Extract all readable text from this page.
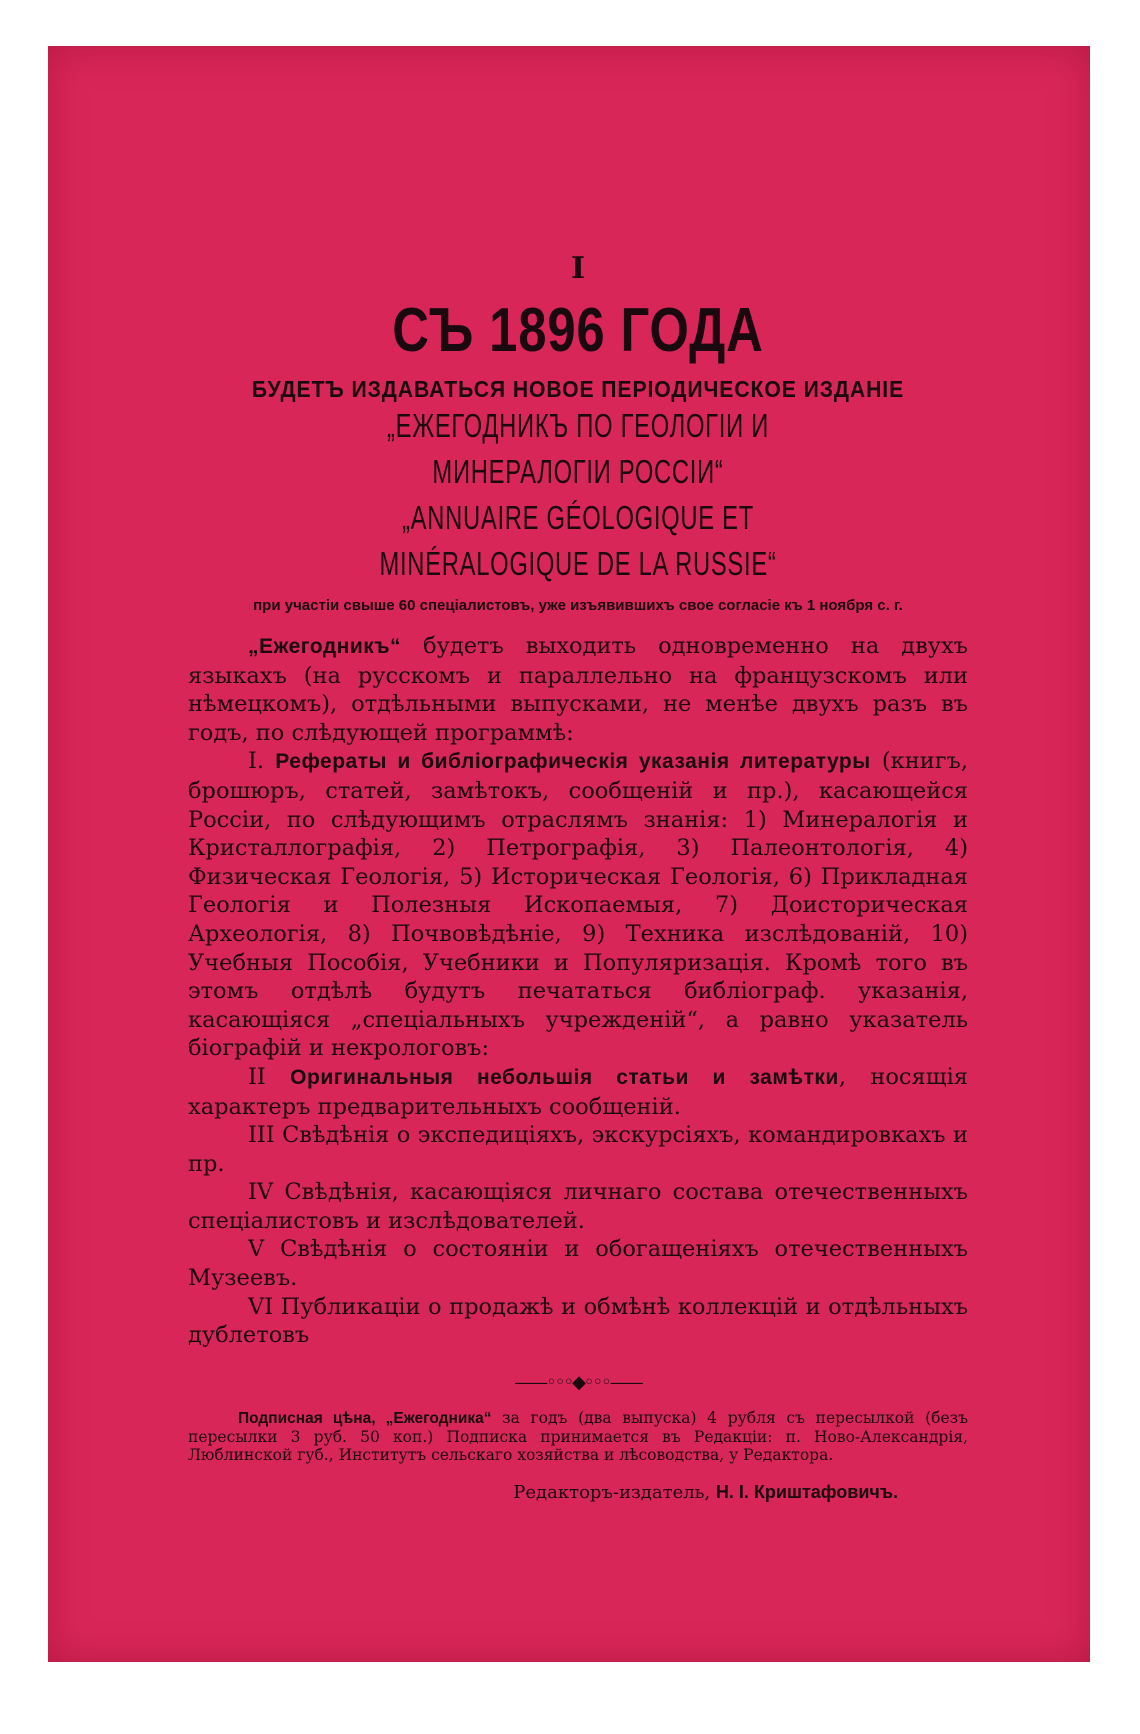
I
СЪ 1896 ГОДА

БУДЕТЪ ИЗДАВАТЬСЯ НОВОЕ ПЕРІОДИЧЕСКОЕ ИЗДАНІЕ

„ЕЖЕГОДНИКЪ ПО ГЕОЛОГІИ И МИНЕРАЛОГІИ РОССІИ“

„ANNUAIRE GÉOLOGIQUE ET MINÉRALOGIQUE DE LA RUSSIE“

при участіи свыше 60 спеціалистовъ, уже изъявившихъ свое согласіе къ 1 ноября с. г.

„Ежегодникъ“ будетъ выходить одновременно на двухъ языкахъ (на русскомъ и параллельно на французскомъ или нѣмецкомъ), отдѣльными выпусками, не менѣе двухъ разъ въ годъ, по слѣдующей программѣ:

I. Рефераты и библіографическія указанія литературы (книгъ, брошюръ, статей, замѣтокъ, сообщеній и пр.), касающейся Россіи, по слѣдующимъ отраслямъ знанія: 1) Минералогія и Кристаллографія, 2) Петрографія, 3) Палеонтологія, 4) Физическая Геологія, 5) Историческая Геологія, 6) Прикладная Геологія и Полезныя Ископаемыя, 7) Доисторическая Археологія, 8) Почвовѣдѣніе, 9) Техника изслѣдованій, 10) Учебныя Пособія, Учебники и Популяризація. Кромѣ того въ этомъ отдѣлѣ будутъ печататься библіограф. указанія, касающіяся „спеціальныхъ учрежденій“, а равно указатель біографій и некрологовъ:

II Оригинальныя небольшія статьи и замѣтки, носящія характеръ предварительныхъ сообщеній.

III Свѣдѣнія о экспедиціяхъ, экскурсіяхъ, командировкахъ и пр.

IV Свѣдѣнія, касающіяся личнаго состава отечественныхъ спеціалистовъ и изслѣдователей.

V Свѣдѣнія о состояніи и обогащеніяхъ отечественныхъ Музеевъ.

VI Публикаціи о продажѣ и обмѣнѣ коллекцій и отдѣльныхъ дублетовъ

——◦◦◦◆◦◦◦——

Подписная цѣна, „Ежегодника“ за годъ (два выпуска) 4 рубля съ пересылкой (безъ пересылки 3 руб. 50 коп.) Подписка принимается въ Редакціи: п. Ново-Александрія, Люблинской губ., Институтъ сельскаго хозяйства и лѣсоводства, у Редактора.

Редакторъ-издатель, Н. I. Криштафовичъ.
